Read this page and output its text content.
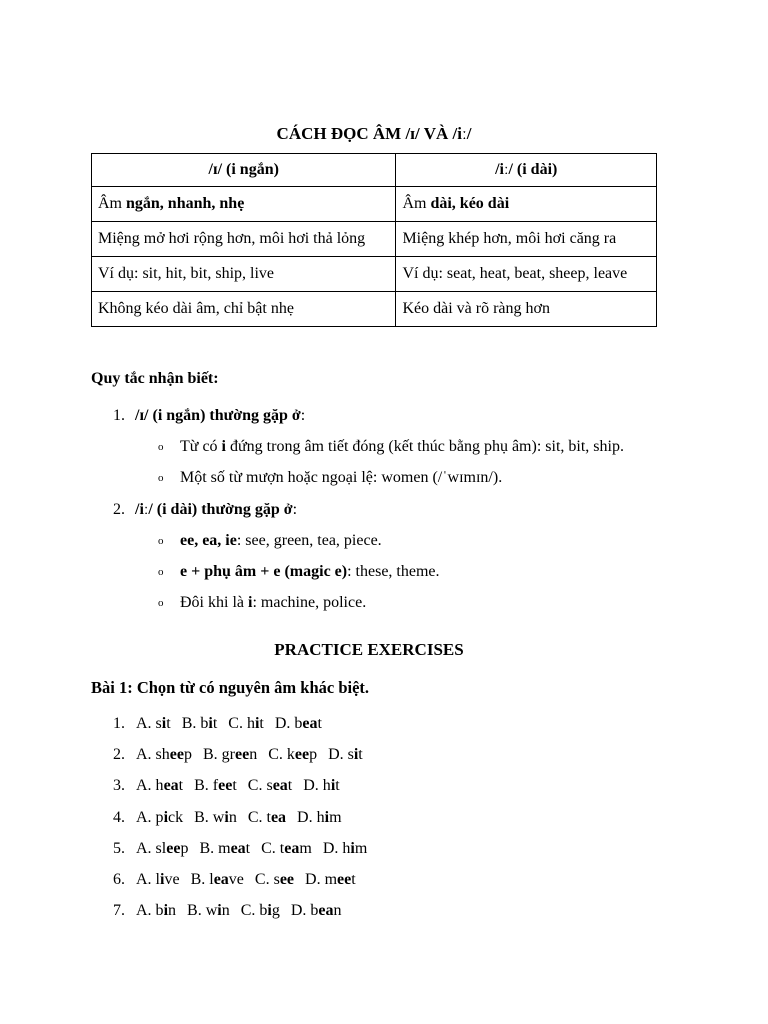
CÁCH ĐỌC ÂM /ɪ/ VÀ /iː/
/ɪ/ (i ngắn)	/iː/ (i dài)
Âm ngắn, nhanh, nhẹ	Âm dài, kéo dài
Miệng mở hơi rộng hơn, môi hơi thả lỏng	Miệng khép hơn, môi hơi căng ra
Ví dụ: sit, hit, bit, ship, live	Ví dụ: seat, heat, beat, sheep, leave
Không kéo dài âm, chỉ bật nhẹ	Kéo dài và rõ ràng hơn
Quy tắc nhận biết:
1. /ɪ/ (i ngắn) thường gặp ở:
o Từ có i đứng trong âm tiết đóng (kết thúc bằng phụ âm): sit, bit, ship.
o Một số từ mượn hoặc ngoại lệ: women (/ˈwɪmɪn/).
2. /iː/ (i dài) thường gặp ở:
o ee, ea, ie: see, green, tea, piece.
o e + phụ âm + e (magic e): these, theme.
o Đôi khi là i: machine, police.
PRACTICE EXERCISES
Bài 1: Chọn từ có nguyên âm khác biệt.
1. A. sit B. bit C. hit D. beat
2. A. sheep B. green C. keep D. sit
3. A. heat B. feet C. seat D. hit
4. A. pick B. win C. tea D. him
5. A. sleep B. meat C. team D. him
6. A. live B. leave C. see D. meet
7. A. bin B. win C. big D. bean
